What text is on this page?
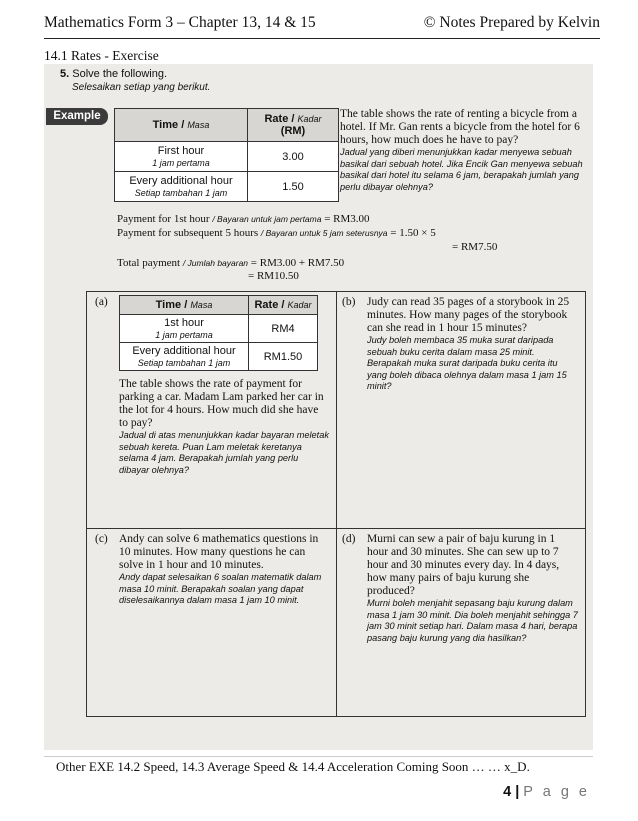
Mathematics Form 3 – Chapter 13, 14 & 15	© Notes Prepared by Kelvin
14.1 Rates - Exercise
5. Solve the following.
Selesaikan setiap yang berikut.
Example
Time / Masa	Rate / Kadar
(RM)
First hour
1 jam pertama	3.00
Every additional hour
Setiap tambahan 1 jam	1.50
The table shows the rate of renting a bicycle from a hotel. If Mr. Gan rents a bicycle from the hotel for 6 hours, how much does he have to pay?
Jadual yang diberi menunjukkan kadar menyewa sebuah basikal dari sebuah hotel. Jika Encik Gan menyewa sebuah basikal dari hotel itu selama 6 jam, berapakah jumlah yang perlu dibayar olehnya?
Payment for 1st hour / Bayaran untuk jam pertama = RM3.00
Payment for subsequent 5 hours / Bayaran untuk 5 jam seterusnya = 1.50 × 5
= RM7.50
Total payment / Jumlah bayaran = RM3.00 + RM7.50
= RM10.50
(a)	Time / Masa	Rate / Kadar
1st hour
1 jam pertama	RM4
Every additional hour
Setiap tambahan 1 jam	RM1.50
The table shows the rate of payment for parking a car. Madam Lam parked her car in the lot for 4 hours. How much did she have to pay?
Jadual di atas menunjukkan kadar bayaran meletak sebuah kereta. Puan Lam meletak keretanya selama 4 jam. Berapakah jumlah yang perlu dibayar olehnya?
(b) Judy can read 35 pages of a storybook in 25 minutes. How many pages of the storybook can she read in 1 hour 15 minutes?
Judy boleh membaca 35 muka surat daripada sebuah buku cerita dalam masa 25 minit. Berapakah muka surat daripada buku cerita itu yang boleh dibaca olehnya dalam masa 1 jam 15 minit?
(c) Andy can solve 6 mathematics questions in 10 minutes. How many questions he can solve in 1 hour and 10 minutes.
Andy dapat selesaikan 6 soalan matematik dalam masa 10 minit. Berapakah soalan yang dapat diselesaikannya dalam masa 1 jam 10 minit.
(d) Murni can sew a pair of baju kurung in 1 hour and 30 minutes. She can sew up to 7 hour and 30 minutes every day. In 4 days, how many pairs of baju kurung she produced?
Murni boleh menjahit sepasang baju kurung dalam masa 1 jam 30 minit. Dia boleh menjahit sehingga 7 jam 30 minit setiap hari. Dalam masa 4 hari, berapa pasang baju kurung yang dia hasilkan?
Other EXE 14.2 Speed, 14.3 Average Speed & 14.4 Acceleration Coming Soon … … x_D.
4 | P a g e
